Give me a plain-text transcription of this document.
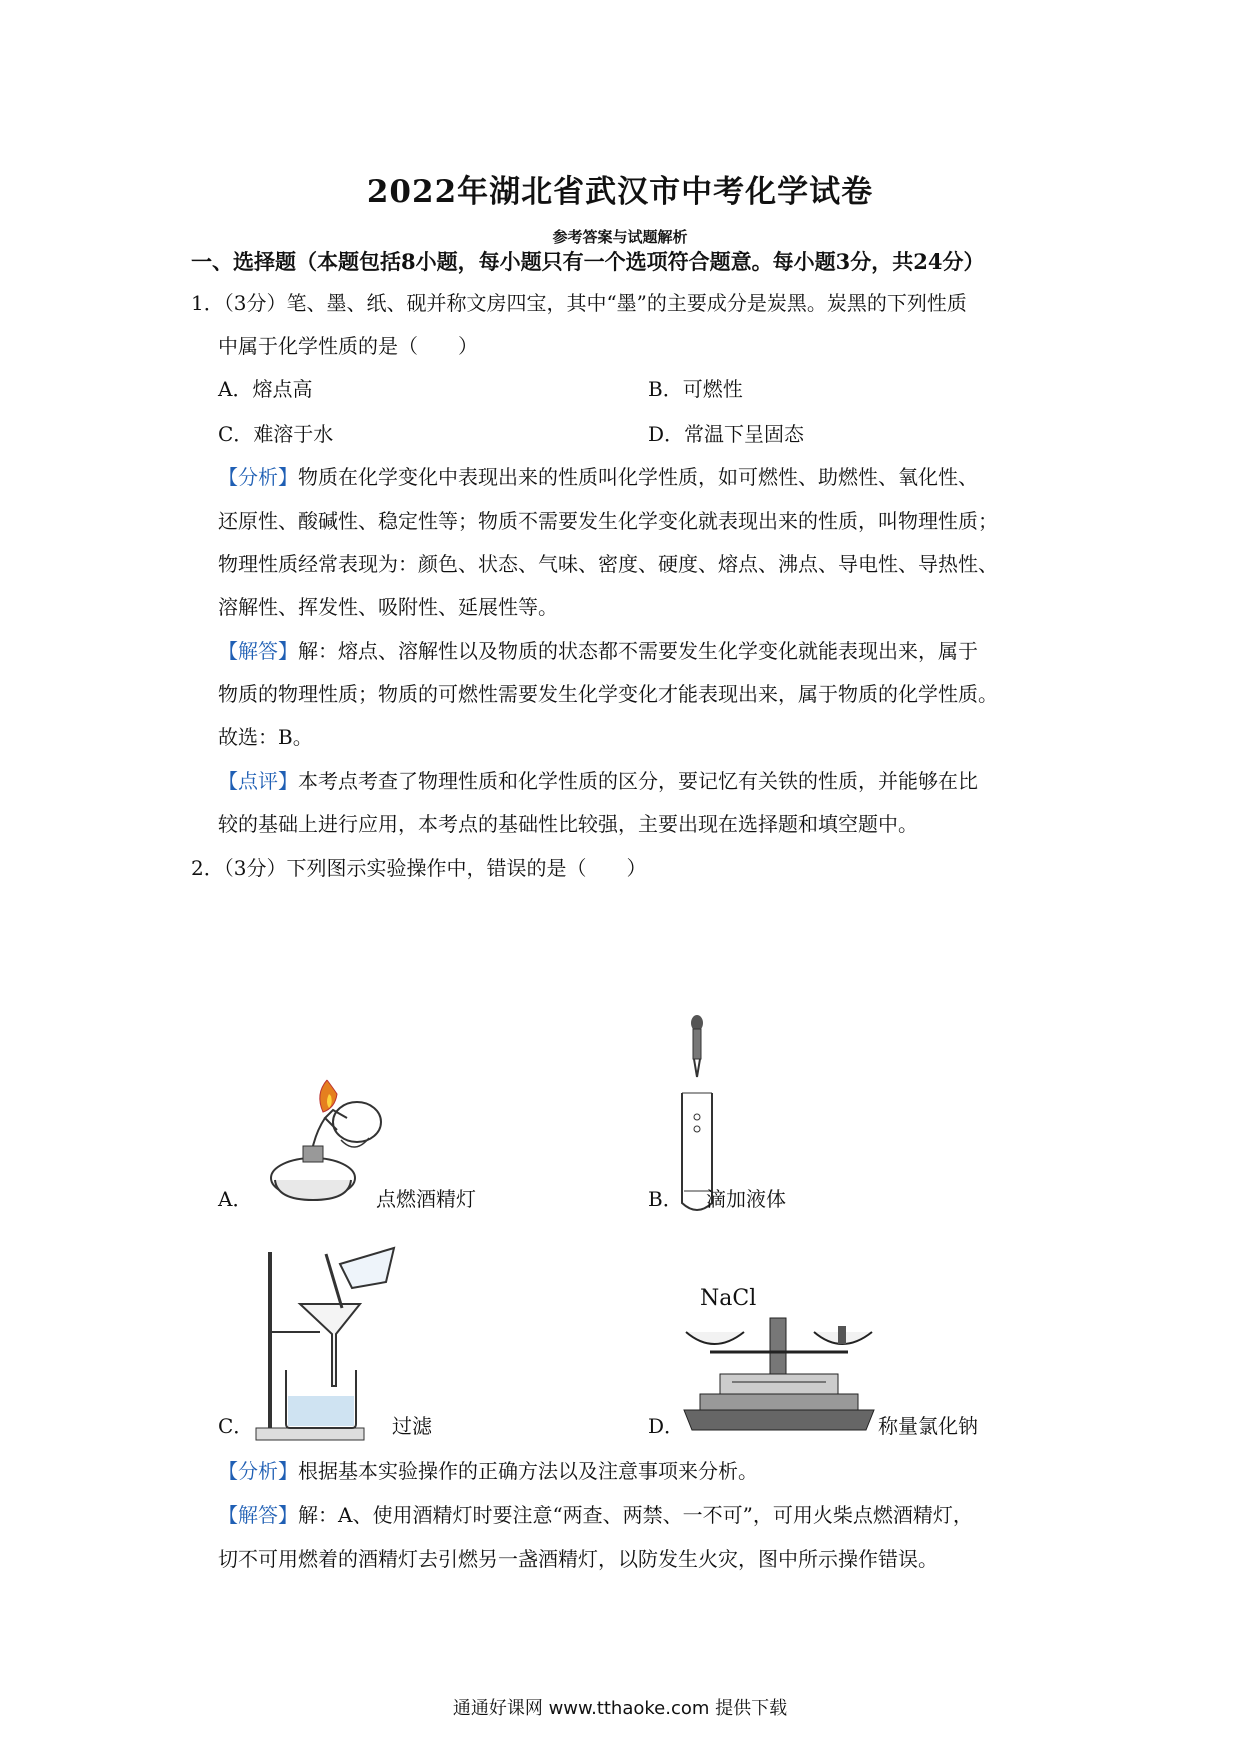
2022年湖北省武汉市中考化学试卷
参考答案与试题解析
一、选择题（本题包括8小题，每小题只有一个选项符合题意。每小题3分，共24分）
1．（3分）笔、墨、纸、砚并称文房四宝，其中“墨”的主要成分是炭黑。炭黑的下列性质
中属于化学性质的是（　　）
A．熔点高	B．可燃性
C．难溶于水	D．常温下呈固态
【分析】物质在化学变化中表现出来的性质叫化学性质，如可燃性、助燃性、氧化性、
还原性、酸碱性、稳定性等；物质不需要发生化学变化就表现出来的性质，叫物理性质；
物理性质经常表现为：颜色、状态、气味、密度、硬度、熔点、沸点、导电性、导热性、
溶解性、挥发性、吸附性、延展性等。
【解答】解：熔点、溶解性以及物质的状态都不需要发生化学变化就能表现出来，属于
物质的物理性质；物质的可燃性需要发生化学变化才能表现出来，属于物质的化学性质。
故选：B。
【点评】本考点考查了物理性质和化学性质的区分，要记忆有关铁的性质，并能够在比
较的基础上进行应用，本考点的基础性比较强，主要出现在选择题和填空题中。
2．（3分）下列图示实验操作中，错误的是（　　）
A．	点燃酒精灯	B． 滴加液体
C．	过滤
NaCl
D．	称量氯化钠
【分析】根据基本实验操作的正确方法以及注意事项来分析。
【解答】解：A、使用酒精灯时要注意“两查、两禁、一不可”，可用火柴点燃酒精灯，
切不可用燃着的酒精灯去引燃另一盏酒精灯，以防发生火灾，图中所示操作错误。
通通好课网 www.tthaoke.com 提供下载
